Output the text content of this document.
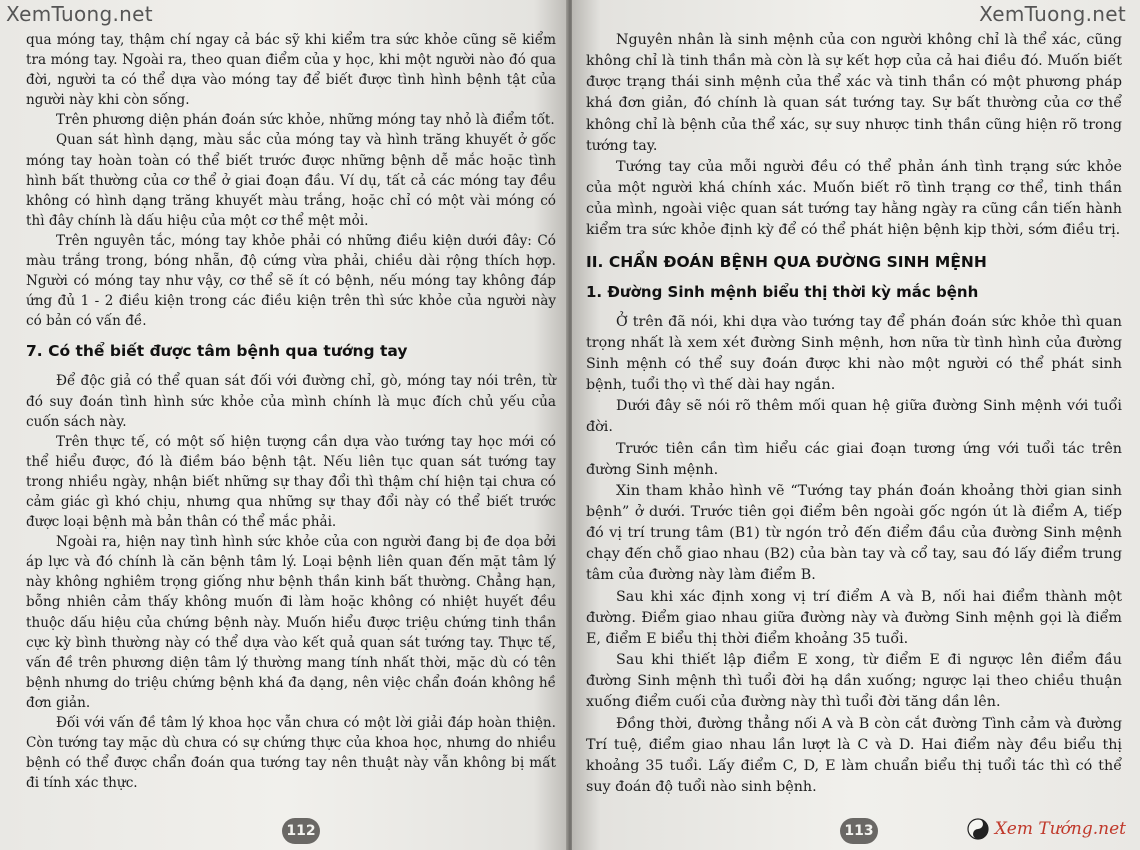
XemTuong.net

qua móng tay, thậm chí ngay cả bác sỹ khi kiểm tra sức khỏe cũng sẽ kiểm tra móng tay. Ngoài ra, theo quan điểm của y học, khi một người nào đó qua đời, người ta có thể dựa vào móng tay để biết được tình hình bệnh tật của người này khi còn sống.

Trên phương diện phán đoán sức khỏe, những móng tay nhỏ là điểm tốt.

Quan sát hình dạng, màu sắc của móng tay và hình trăng khuyết ở gốc móng tay hoàn toàn có thể biết trước được những bệnh dễ mắc hoặc tình hình bất thường của cơ thể ở giai đoạn đầu. Ví dụ, tất cả các móng tay đều không có hình dạng trăng khuyết màu trắng, hoặc chỉ có một vài móng có thì đây chính là dấu hiệu của một cơ thể mệt mỏi.

Trên nguyên tắc, móng tay khỏe phải có những điều kiện dưới đây: Có màu trắng trong, bóng nhẵn, độ cứng vừa phải, chiều dài rộng thích hợp. Người có móng tay như vậy, cơ thể sẽ ít có bệnh, nếu móng tay không đáp ứng đủ 1 - 2 điều kiện trong các điều kiện trên thì sức khỏe của người này có bản có vấn đề.

7. Có thể biết được tâm bệnh qua tướng tay

Để độc giả có thể quan sát đối với đường chỉ, gò, móng tay nói trên, từ đó suy đoán tình hình sức khỏe của mình chính là mục đích chủ yếu của cuốn sách này.

Trên thực tế, có một số hiện tượng cần dựa vào tướng tay học mới có thể hiểu được, đó là điềm báo bệnh tật. Nếu liên tục quan sát tướng tay trong nhiều ngày, nhận biết những sự thay đổi thì thậm chí hiện tại chưa có cảm giác gì khó chịu, nhưng qua những sự thay đổi này có thể biết trước được loại bệnh mà bản thân có thể mắc phải.

Ngoài ra, hiện nay tình hình sức khỏe của con người đang bị đe dọa bởi áp lực và đó chính là căn bệnh tâm lý. Loại bệnh liên quan đến mặt tâm lý này không nghiêm trọng giống như bệnh thần kinh bất thường. Chẳng hạn, bỗng nhiên cảm thấy không muốn đi làm hoặc không có nhiệt huyết đều thuộc dấu hiệu của chứng bệnh này. Muốn hiểu được triệu chứng tinh thần cực kỳ bình thường này có thể dựa vào kết quả quan sát tướng tay. Thực tế, vấn đề trên phương diện tâm lý thường mang tính nhất thời, mặc dù có tên bệnh nhưng do triệu chứng bệnh khá đa dạng, nên việc chẩn đoán không hề đơn giản.

Đối với vấn đề tâm lý khoa học vẫn chưa có một lời giải đáp hoàn thiện. Còn tướng tay mặc dù chưa có sự chứng thực của khoa học, nhưng do nhiều bệnh có thể được chẩn đoán qua tướng tay nên thuật này vẫn không bị mất đi tính xác thực.

112
XemTuong.net

Nguyên nhân là sinh mệnh của con người không chỉ là thể xác, cũng không chỉ là tinh thần mà còn là sự kết hợp của cả hai điều đó. Muốn biết được trạng thái sinh mệnh của thể xác và tinh thần có một phương pháp khá đơn giản, đó chính là quan sát tướng tay. Sự bất thường của cơ thể không chỉ là bệnh của thể xác, sự suy nhược tinh thần cũng hiện rõ trong tướng tay.

Tướng tay của mỗi người đều có thể phản ánh tình trạng sức khỏe của một người khá chính xác. Muốn biết rõ tình trạng cơ thể, tinh thần của mình, ngoài việc quan sát tướng tay hằng ngày ra cũng cần tiến hành kiểm tra sức khỏe định kỳ để có thể phát hiện bệnh kịp thời, sớm điều trị.

II. CHẨN ĐOÁN BỆNH QUA ĐƯỜNG SINH MỆNH
1. Đường Sinh mệnh biểu thị thời kỳ mắc bệnh

Ở trên đã nói, khi dựa vào tướng tay để phán đoán sức khỏe thì quan trọng nhất là xem xét đường Sinh mệnh, hơn nữa từ tình hình của đường Sinh mệnh có thể suy đoán được khi nào một người có thể phát sinh bệnh, tuổi thọ vì thế dài hay ngắn.

Dưới đây sẽ nói rõ thêm mối quan hệ giữa đường Sinh mệnh với tuổi đời.

Trước tiên cần tìm hiểu các giai đoạn tương ứng với tuổi tác trên đường Sinh mệnh.

Xin tham khảo hình vẽ “Tướng tay phán đoán khoảng thời gian sinh bệnh” ở dưới. Trước tiên gọi điểm bên ngoài gốc ngón út là điểm A, tiếp đó vị trí trung tâm (B1) từ ngón trỏ đến điểm đầu của đường Sinh mệnh chạy đến chỗ giao nhau (B2) của bàn tay và cổ tay, sau đó lấy điểm trung tâm của đường này làm điểm B.

Sau khi xác định xong vị trí điểm A và B, nối hai điểm thành một đường. Điểm giao nhau giữa đường này và đường Sinh mệnh gọi là điểm E, điểm E biểu thị thời điểm khoảng 35 tuổi.

Sau khi thiết lập điểm E xong, từ điểm E đi ngược lên điểm đầu đường Sinh mệnh thì tuổi đời hạ dần xuống; ngược lại theo chiều thuận xuống điểm cuối của đường này thì tuổi đời tăng dần lên.

Đồng thời, đường thẳng nối A và B còn cắt đường Tình cảm và đường Trí tuệ, điểm giao nhau lần lượt là C và D. Hai điểm này đều biểu thị khoảng 35 tuổi. Lấy điểm C, D, E làm chuẩn biểu thị tuổi tác thì có thể suy đoán độ tuổi nào sinh bệnh.

113	Xem Tướng.net
